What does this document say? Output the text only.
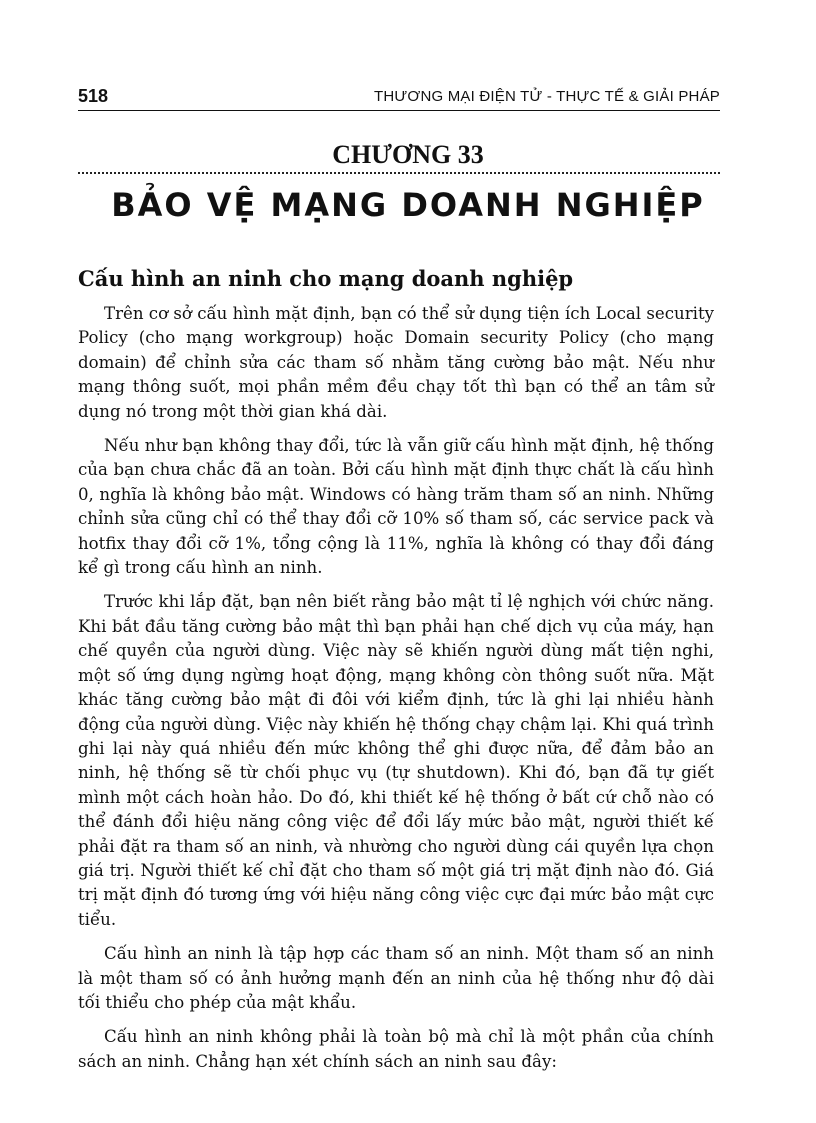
518	THƯƠNG MẠI ĐIỆN TỬ - THỰC TẾ & GIẢI PHÁP
CHƯƠNG 33
BẢO VỆ MẠNG DOANH NGHIỆP
Cấu hình an ninh cho mạng doanh nghiệp

Trên cơ sở cấu hình mặt định, bạn có thể sử dụng tiện ích Local security Policy (cho mạng workgroup) hoặc Domain security Policy (cho mạng domain) để chỉnh sửa các tham số nhằm tăng cường bảo mật. Nếu như mạng thông suốt, mọi phần mềm đều chạy tốt thì bạn có thể an tâm sử dụng nó trong một thời gian khá dài.

Nếu như bạn không thay đổi, tức là vẫn giữ cấu hình mặt định, hệ thống của bạn chưa chắc đã an toàn. Bởi cấu hình mặt định thực chất là cấu hình 0, nghĩa là không bảo mật. Windows có hàng trăm tham số an ninh. Những chỉnh sửa cũng chỉ có thể thay đổi cỡ 10% số tham số, các service pack và hotfix thay đổi cỡ 1%, tổng cộng là 11%, nghĩa là không có thay đổi đáng kể gì trong cấu hình an ninh.

Trước khi lắp đặt, bạn nên biết rằng bảo mật tỉ lệ nghịch với chức năng. Khi bắt đầu tăng cường bảo mật thì bạn phải hạn chế dịch vụ của máy, hạn chế quyền của người dùng. Việc này sẽ khiến người dùng mất tiện nghi, một số ứng dụng ngừng hoạt động, mạng không còn thông suốt nữa. Mặt khác tăng cường bảo mật đi đôi với kiểm định, tức là ghi lại nhiều hành động của người dùng. Việc này khiến hệ thống chạy chậm lại. Khi quá trình ghi lại này quá nhiều đến mức không thể ghi được nữa, để đảm bảo an ninh, hệ thống sẽ từ chối phục vụ (tự shutdown). Khi đó, bạn đã tự giết mình một cách hoàn hảo. Do đó, khi thiết kế hệ thống ở bất cứ chỗ nào có thể đánh đổi hiệu năng công việc để đổi lấy mức bảo mật, người thiết kế phải đặt ra tham số an ninh, và nhường cho người dùng cái quyền lựa chọn giá trị. Người thiết kế chỉ đặt cho tham số một giá trị mặt định nào đó. Giá trị mặt định đó tương ứng với hiệu năng công việc cực đại mức bảo mật cực tiểu.

Cấu hình an ninh là tập hợp các tham số an ninh. Một tham số an ninh là một tham số có ảnh hưởng mạnh đến an ninh của hệ thống như độ dài tối thiểu cho phép của mật khẩu.

Cấu hình an ninh không phải là toàn bộ mà chỉ là một phần của chính sách an ninh. Chẳng hạn xét chính sách an ninh sau đây:
